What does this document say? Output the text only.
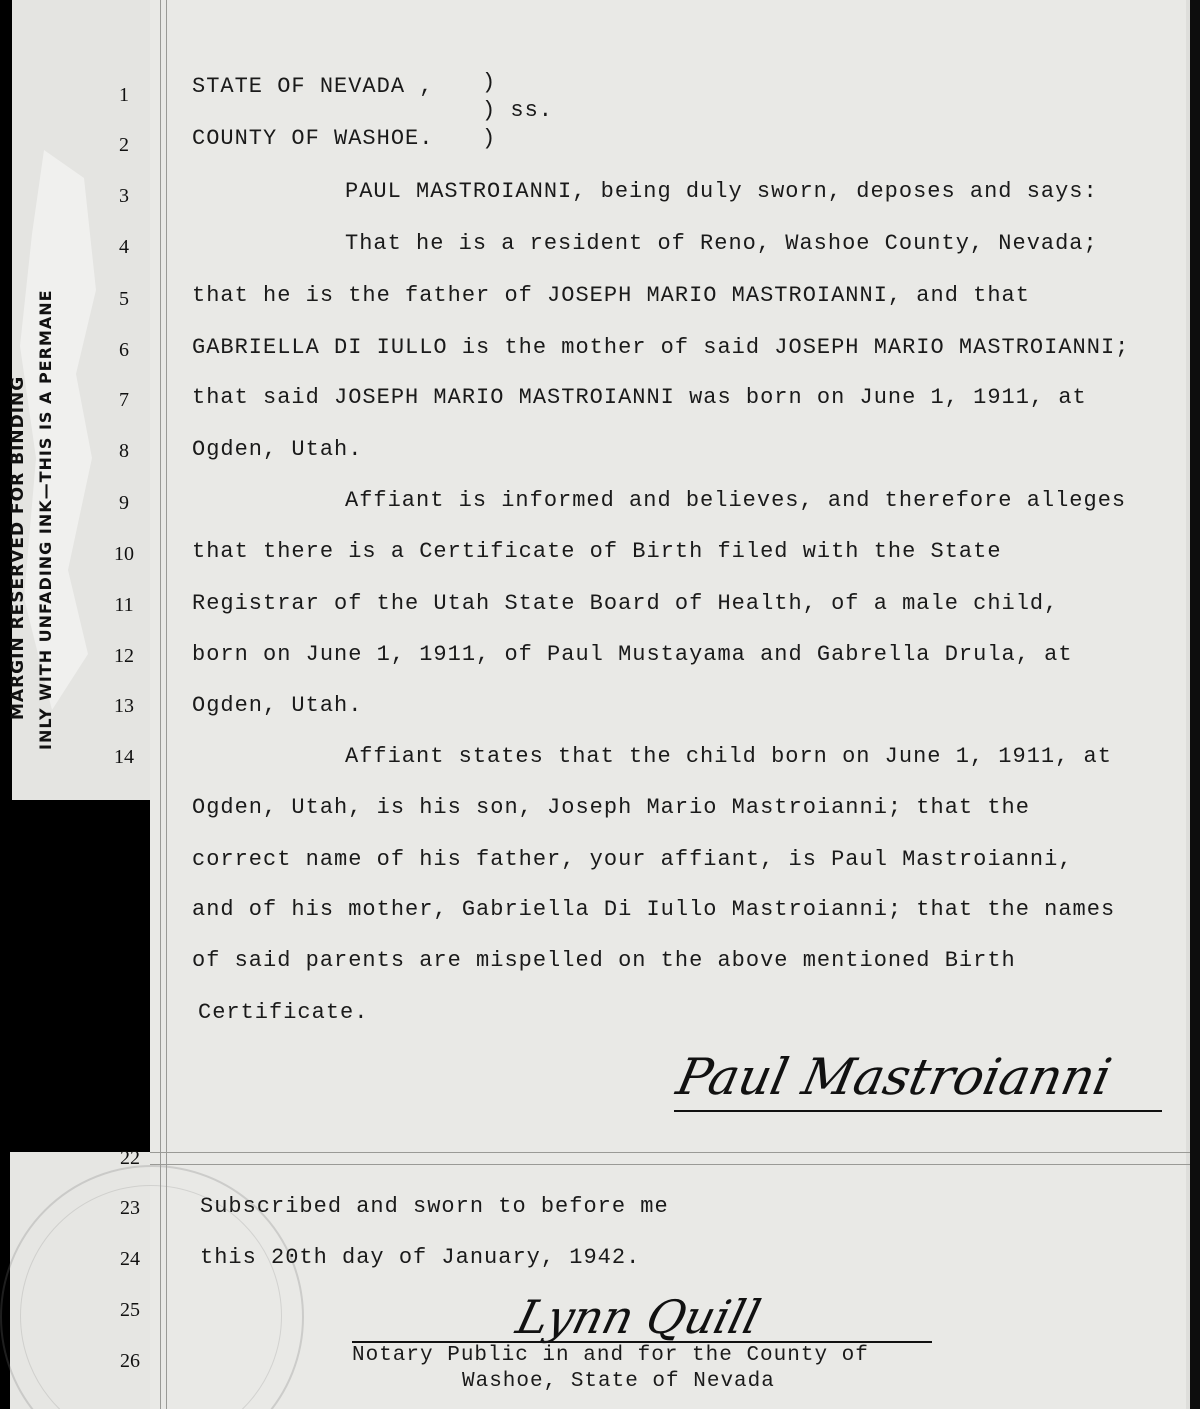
MARGIN RESERVED FOR BINDING INLY WITH UNFADING INK—THIS IS A PERMANE
1
2
3
4
5
6
7
8
9
10
11
12
13
14
22
23
24
25
26
STATE OF NEVADA , )
) ss.
COUNTY OF WASHOE. )
PAUL MASTROIANNI, being duly sworn, deposes and says:
That he is a resident of Reno, Washoe County, Nevada;
that he is the father of JOSEPH MARIO MASTROIANNI, and that
GABRIELLA DI IULLO is the mother of said JOSEPH MARIO MASTROIANNI;
that said JOSEPH MARIO MASTROIANNI was born on June 1, 1911, at
Ogden, Utah.
Affiant is informed and believes, and therefore alleges
that there is a Certificate of Birth filed with the State
Registrar of the Utah State Board of Health, of a male child,
born on June 1, 1911, of Paul Mustayama and Gabrella Drula, at
Ogden, Utah.
Affiant states that the child born on June 1, 1911, at
Ogden, Utah, is his son, Joseph Mario Mastroianni; that the
correct name of his father, your affiant, is Paul Mastroianni,
and of his mother, Gabriella Di Iullo Mastroianni; that the names
of said parents are mispelled on the above mentioned Birth
Certificate.
Paul Mastroianni
Subscribed and sworn to before me
this 20th day of January, 1942.
Lynn Quill
Notary Public in and for the County of
Washoe, State of Nevada
